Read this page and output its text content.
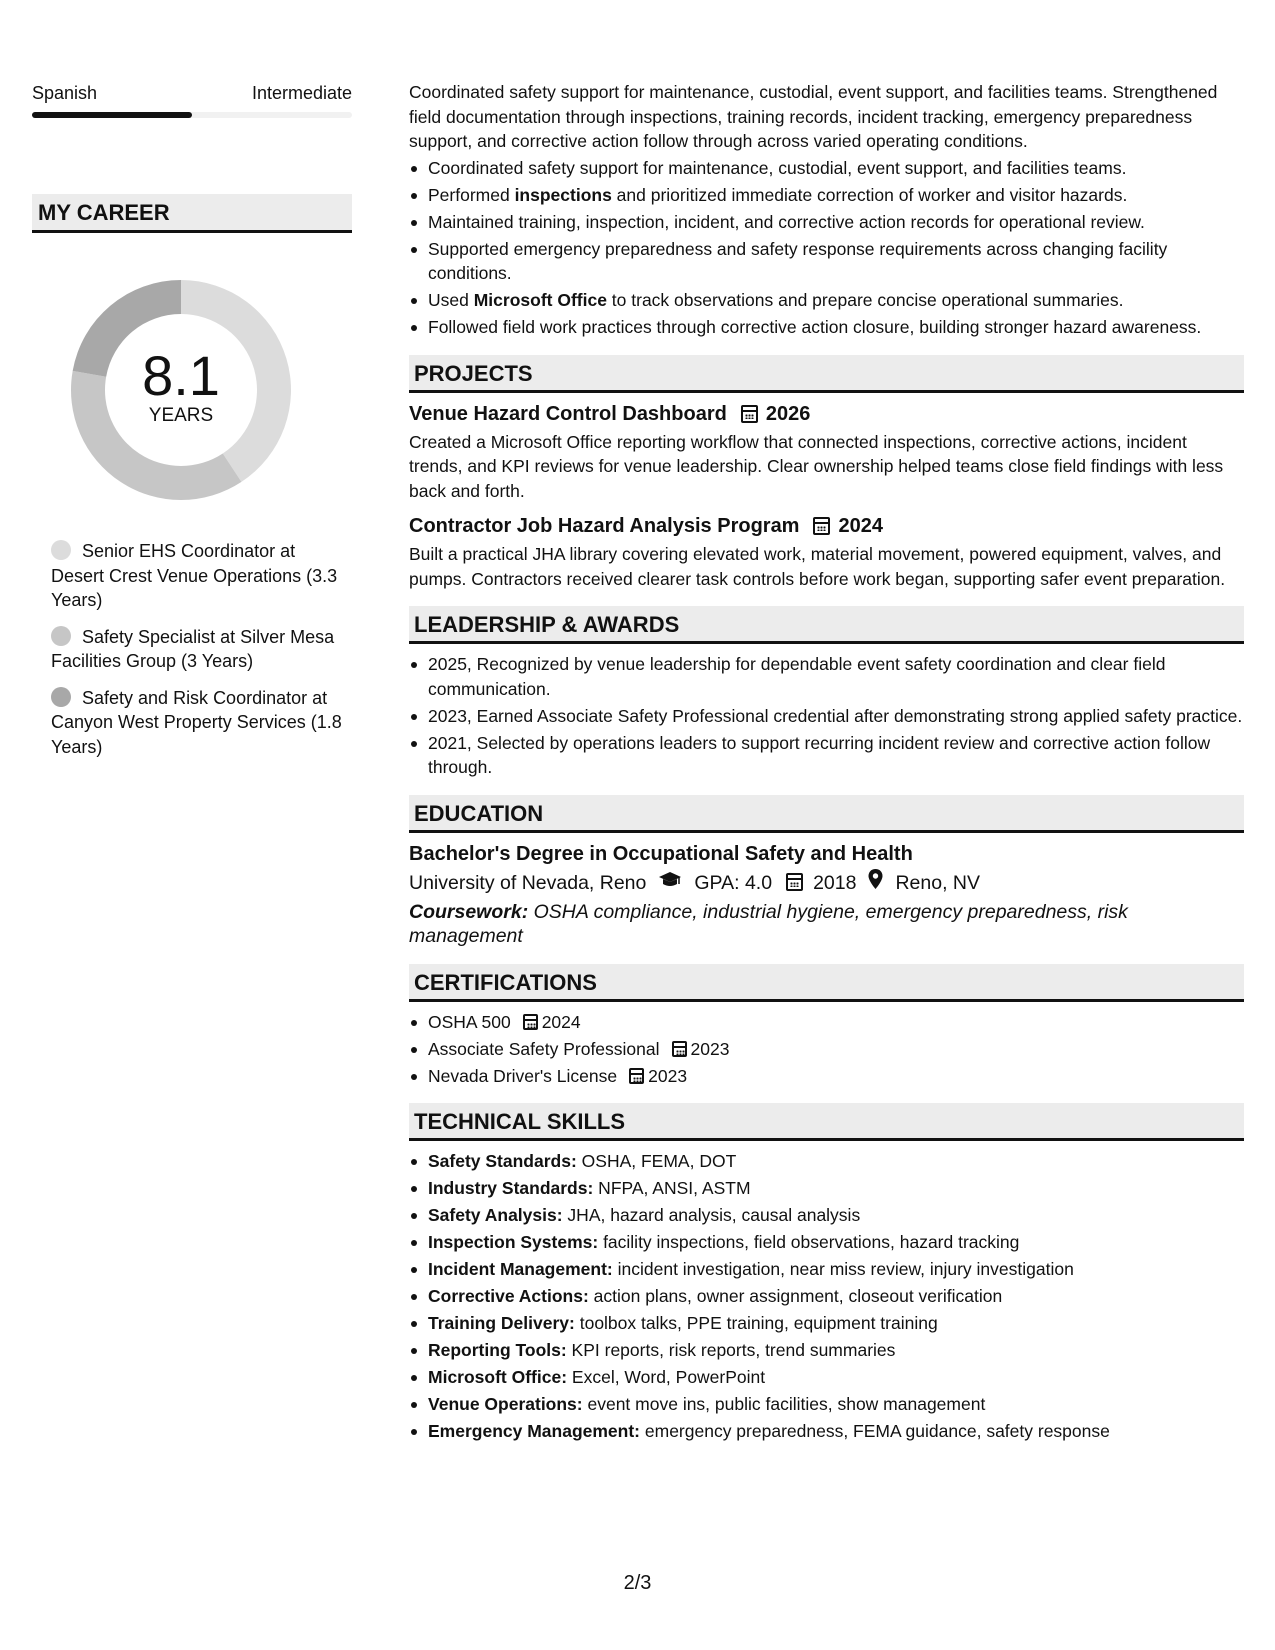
Spanish	Intermediate
MY CAREER
8.1
YEARS
Senior EHS Coordinator at Desert Crest Venue Operations (3.3 Years)
Safety Specialist at Silver Mesa Facilities Group (3 Years)
Safety and Risk Coordinator at Canyon West Property Services (1.8 Years)
Coordinated safety support for maintenance, custodial, event support, and facilities teams. Strengthened field documentation through inspections, training records, incident tracking, emergency preparedness support, and corrective action follow through across varied operating conditions.
Coordinated safety support for maintenance, custodial, event support, and facilities teams.
Performed inspections and prioritized immediate correction of worker and visitor hazards.
Maintained training, inspection, incident, and corrective action records for operational review.
Supported emergency preparedness and safety response requirements across changing facility conditions.
Used Microsoft Office to track observations and prepare concise operational summaries.
Followed field work practices through corrective action closure, building stronger hazard awareness.
PROJECTS
Venue Hazard Control Dashboard 2026
Created a Microsoft Office reporting workflow that connected inspections, corrective actions, incident trends, and KPI reviews for venue leadership. Clear ownership helped teams close field findings with less back and forth.
Contractor Job Hazard Analysis Program 2024
Built a practical JHA library covering elevated work, material movement, powered equipment, valves, and pumps. Contractors received clearer task controls before work began, supporting safer event preparation.
LEADERSHIP & AWARDS
2025, Recognized by venue leadership for dependable event safety coordination and clear field communication.
2023, Earned Associate Safety Professional credential after demonstrating strong applied safety practice.
2021, Selected by operations leaders to support recurring incident review and corrective action follow through.
EDUCATION
Bachelor's Degree in Occupational Safety and Health
University of Nevada, Reno GPA: 4.0 2018 Reno, NV
Coursework: OSHA compliance, industrial hygiene, emergency preparedness, risk management
CERTIFICATIONS
OSHA 500 2024
Associate Safety Professional 2023
Nevada Driver's License 2023
TECHNICAL SKILLS
Safety Standards: OSHA, FEMA, DOT
Industry Standards: NFPA, ANSI, ASTM
Safety Analysis: JHA, hazard analysis, causal analysis
Inspection Systems: facility inspections, field observations, hazard tracking
Incident Management: incident investigation, near miss review, injury investigation
Corrective Actions: action plans, owner assignment, closeout verification
Training Delivery: toolbox talks, PPE training, equipment training
Reporting Tools: KPI reports, risk reports, trend summaries
Microsoft Office: Excel, Word, PowerPoint
Venue Operations: event move ins, public facilities, show management
Emergency Management: emergency preparedness, FEMA guidance, safety response
2/3
